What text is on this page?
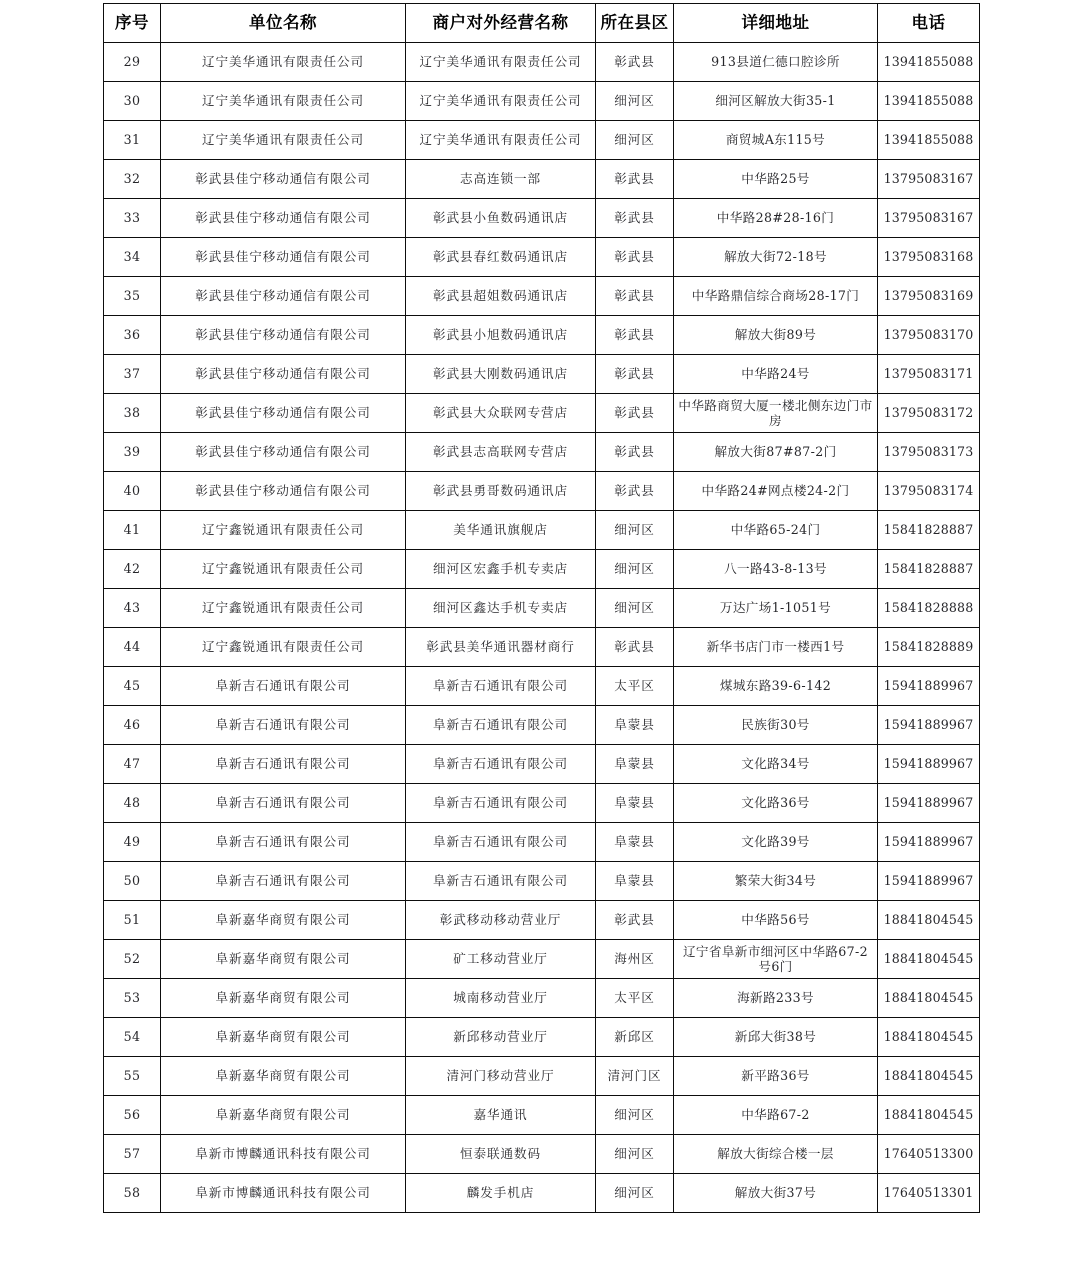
序号	单位名称	商户对外经营名称	所在县区	详细地址	电话
29	辽宁美华通讯有限责任公司	辽宁美华通讯有限责任公司	彰武县	913县道仁德口腔诊所	13941855088
30	辽宁美华通讯有限责任公司	辽宁美华通讯有限责任公司	细河区	细河区解放大街35-1	13941855088
31	辽宁美华通讯有限责任公司	辽宁美华通讯有限责任公司	细河区	商贸城A东115号	13941855088
32	彰武县佳宁移动通信有限公司	志高连锁一部	彰武县	中华路25号	13795083167
33	彰武县佳宁移动通信有限公司	彰武县小鱼数码通讯店	彰武县	中华路28#28-16门	13795083167
34	彰武县佳宁移动通信有限公司	彰武县春红数码通讯店	彰武县	解放大街72-18号	13795083168
35	彰武县佳宁移动通信有限公司	彰武县超姐数码通讯店	彰武县	中华路鼎信综合商场28-17门	13795083169
36	彰武县佳宁移动通信有限公司	彰武县小旭数码通讯店	彰武县	解放大街89号	13795083170
37	彰武县佳宁移动通信有限公司	彰武县大刚数码通讯店	彰武县	中华路24号	13795083171
38	彰武县佳宁移动通信有限公司	彰武县大众联网专营店	彰武县	中华路商贸大厦一楼北侧东边门市房	13795083172
39	彰武县佳宁移动通信有限公司	彰武县志高联网专营店	彰武县	解放大街87#87-2门	13795083173
40	彰武县佳宁移动通信有限公司	彰武县勇哥数码通讯店	彰武县	中华路24#网点楼24-2门	13795083174
41	辽宁鑫锐通讯有限责任公司	美华通讯旗舰店	细河区	中华路65-24门	15841828887
42	辽宁鑫锐通讯有限责任公司	细河区宏鑫手机专卖店	细河区	八一路43-8-13号	15841828887
43	辽宁鑫锐通讯有限责任公司	细河区鑫达手机专卖店	细河区	万达广场1-1051号	15841828888
44	辽宁鑫锐通讯有限责任公司	彰武县美华通讯器材商行	彰武县	新华书店门市一楼西1号	15841828889
45	阜新吉石通讯有限公司	阜新吉石通讯有限公司	太平区	煤城东路39-6-142	15941889967
46	阜新吉石通讯有限公司	阜新吉石通讯有限公司	阜蒙县	民族街30号	15941889967
47	阜新吉石通讯有限公司	阜新吉石通讯有限公司	阜蒙县	文化路34号	15941889967
48	阜新吉石通讯有限公司	阜新吉石通讯有限公司	阜蒙县	文化路36号	15941889967
49	阜新吉石通讯有限公司	阜新吉石通讯有限公司	阜蒙县	文化路39号	15941889967
50	阜新吉石通讯有限公司	阜新吉石通讯有限公司	阜蒙县	繁荣大街34号	15941889967
51	阜新嘉华商贸有限公司	彰武移动移动营业厅	彰武县	中华路56号	18841804545
52	阜新嘉华商贸有限公司	矿工移动营业厅	海州区	辽宁省阜新市细河区中华路67-2号6门	18841804545
53	阜新嘉华商贸有限公司	城南移动营业厅	太平区	海新路233号	18841804545
54	阜新嘉华商贸有限公司	新邱移动营业厅	新邱区	新邱大街38号	18841804545
55	阜新嘉华商贸有限公司	清河门移动营业厅	清河门区	新平路36号	18841804545
56	阜新嘉华商贸有限公司	嘉华通讯	细河区	中华路67-2	18841804545
57	阜新市博麟通讯科技有限公司	恒泰联通数码	细河区	解放大街综合楼一层	17640513300
58	阜新市博麟通讯科技有限公司	麟发手机店	细河区	解放大街37号	17640513301
